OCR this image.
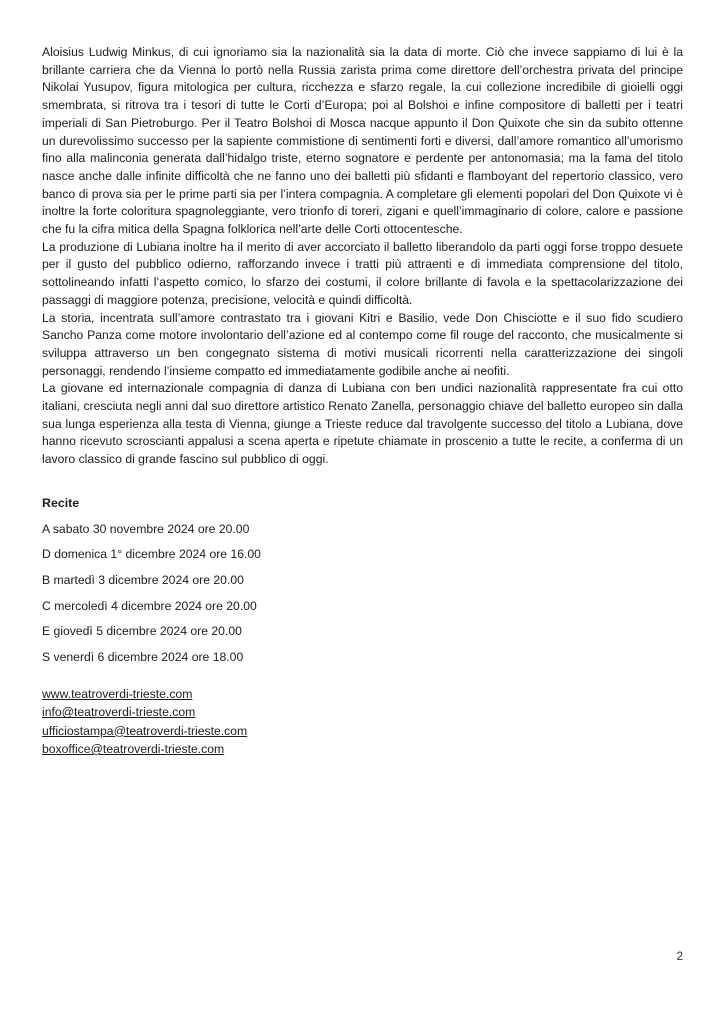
Aloisius Ludwig Minkus, di cui ignoriamo sia la nazionalità sia la data di morte. Ciò che invece sappiamo di lui è la brillante carriera che da Vienna lo portò nella Russia zarista prima come direttore dell’orchestra privata del principe Nikolai Yusupov, figura mitologica per cultura, ricchezza e sfarzo regale, la cui collezione incredibile di gioielli oggi smembrata, si ritrova tra i tesori di tutte le Corti d’Europa; poi al Bolshoi e infine compositore di balletti per i teatri imperiali di San Pietroburgo. Per il Teatro Bolshoi di Mosca nacque appunto il Don Quixote che sin da subito ottenne un durevolissimo successo per la sapiente commistione di sentimenti forti e diversi, dall’amore romantico all’umorismo fino alla malinconia generata dall’hidalgo triste, eterno sognatore e perdente per antonomasia; ma la fama del titolo nasce anche dalle infinite difficoltà che ne fanno uno dei balletti più sfidanti e flamboyant del repertorio classico, vero banco di prova sia per le prime parti sia per l’intera compagnia. A completare gli elementi popolari del Don Quixote vi è inoltre la forte coloritura spagnoleggiante, vero trionfo di toreri, zigani e quell’immaginario di colore, calore e passione che fu la cifra mitica della Spagna folklorica nell’arte delle Corti ottocentesche.

La produzione di Lubiana inoltre ha il merito di aver accorciato il balletto liberandolo da parti oggi forse troppo desuete per il gusto del pubblico odierno, rafforzando invece i tratti più attraenti e di immediata comprensione del titolo, sottolineando infatti l’aspetto comico, lo sfarzo dei costumi, il colore brillante di favola e la spettacolarizzazione dei passaggi di maggiore potenza, precisione, velocità e quindi difficoltà.

La storia, incentrata sull’amore contrastato tra i giovani Kitri e Basilio, vede Don Chisciotte e il suo fido scudiero Sancho Panza come motore involontario dell’azione ed al contempo come fil rouge del racconto, che musicalmente si sviluppa attraverso un ben congegnato sistema di motivi musicali ricorrenti nella caratterizzazione dei singoli personaggi, rendendo l’insieme compatto ed immediatamente godibile anche ai neofiti.

La giovane ed internazionale compagnia di danza di Lubiana con ben undici nazionalità rappresentate fra cui otto italiani, cresciuta negli anni dal suo direttore artistico Renato Zanella, personaggio chiave del balletto europeo sin dalla sua lunga esperienza alla testa di Vienna, giunge a Trieste reduce dal travolgente successo del titolo a Lubiana, dove hanno ricevuto scroscianti appalusi a scena aperta e ripetute chiamate in proscenio a tutte le recite, a conferma di un lavoro classico di grande fascino sul pubblico di oggi.

Recite

A sabato 30 novembre 2024 ore 20.00

D domenica 1° dicembre 2024 ore 16.00

B martedì 3 dicembre 2024 ore 20.00

C mercoledì 4 dicembre 2024 ore 20.00

E giovedì 5 dicembre 2024 ore 20.00

S venerdì 6 dicembre 2024 ore 18.00

www.teatroverdi-trieste.com
info@teatroverdi-trieste.com
ufficiostampa@teatroverdi-trieste.com
boxoffice@teatroverdi-trieste.com
2
